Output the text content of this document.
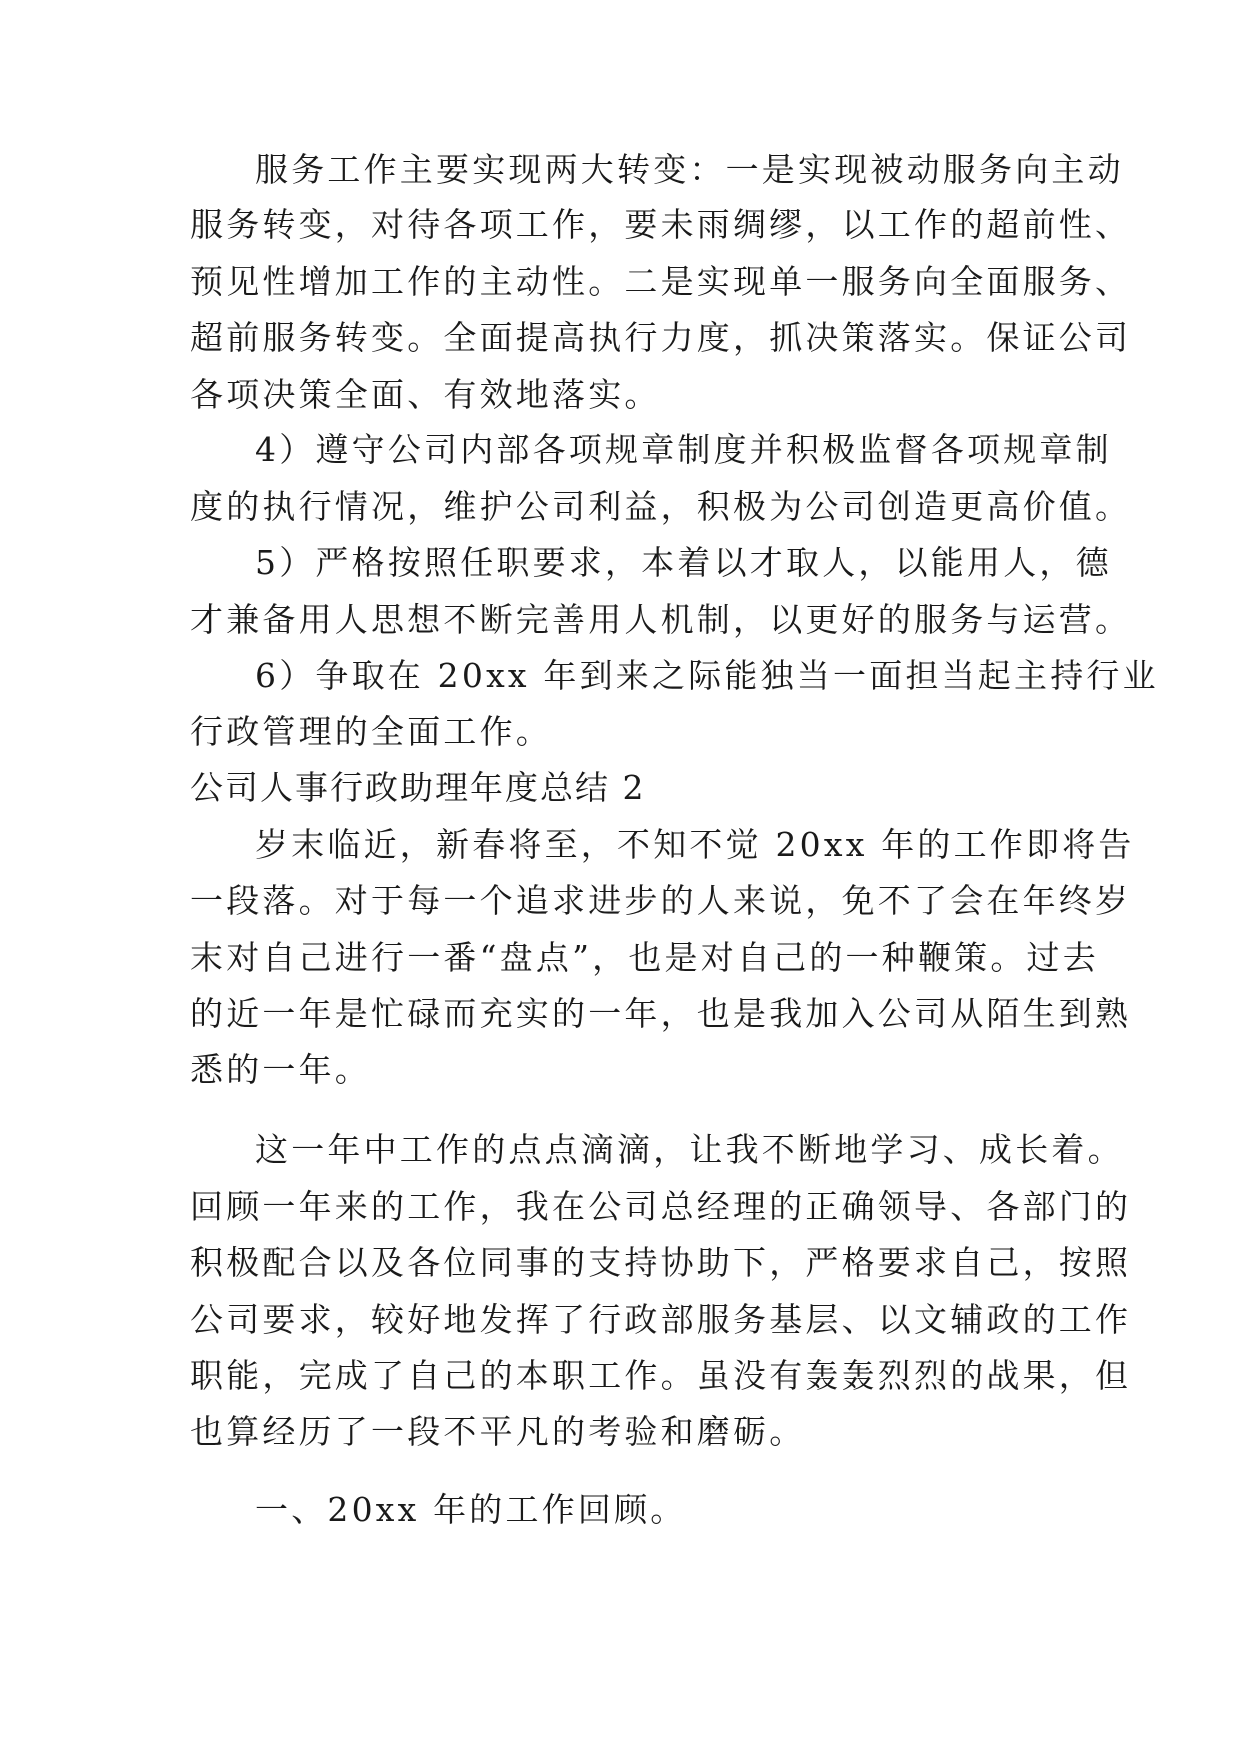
服务工作主要实现两大转变：一是实现被动服务向主动
服务转变，对待各项工作，要未雨绸缪，以工作的超前性、
预见性增加工作的主动性。二是实现单一服务向全面服务、
超前服务转变。全面提高执行力度，抓决策落实。保证公司
各项决策全面、有效地落实。
4）遵守公司内部各项规章制度并积极监督各项规章制
度的执行情况，维护公司利益，积极为公司创造更高价值。
5）严格按照任职要求，本着以才取人，以能用人，德
才兼备用人思想不断完善用人机制，以更好的服务与运营。
6）争取在 20xx 年到来之际能独当一面担当起主持行业
行政管理的全面工作。
公司人事行政助理年度总结 2
岁末临近，新春将至，不知不觉 20xx 年的工作即将告
一段落。对于每一个追求进步的人来说，免不了会在年终岁
末对自己进行一番“盘点”，也是对自己的一种鞭策。过去
的近一年是忙碌而充实的一年，也是我加入公司从陌生到熟
悉的一年。
这一年中工作的点点滴滴，让我不断地学习、成长着。
回顾一年来的工作，我在公司总经理的正确领导、各部门的
积极配合以及各位同事的支持协助下，严格要求自己，按照
公司要求，较好地发挥了行政部服务基层、以文辅政的工作
职能，完成了自己的本职工作。虽没有轰轰烈烈的战果，但
也算经历了一段不平凡的考验和磨砺。
一、20xx 年的工作回顾。
